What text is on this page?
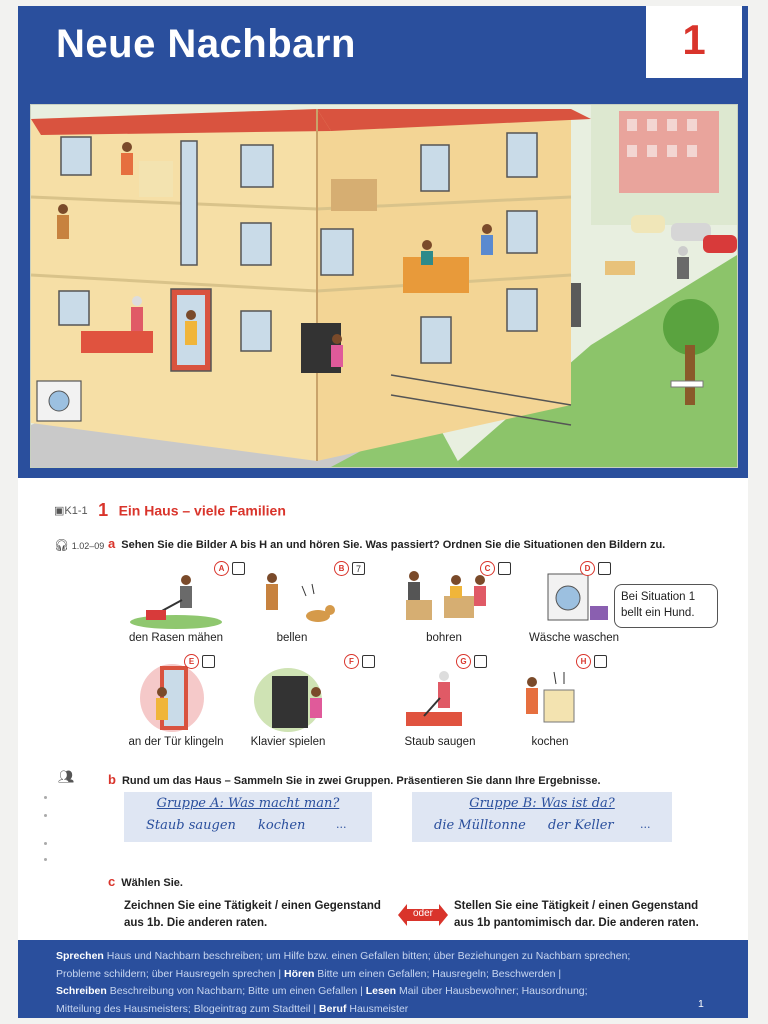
Neue Nachbarn	1
▣K1-1 1 Ein Haus – viele Familien
🎧︎ 1.02–09 a Sehen Sie die Bilder A bis H an und hören Sie. Was passiert? Ordnen Sie die Situationen den Bildern zu.
den Rasen mähen
A
bellen
B	7
bohren
C
Wäsche waschen
D
Bei Situation 1
bellt ein Hund.
an der Tür klingeln
E
Klavier spielen
F
Staub saugen
G
kochen
H
👥︎	b Rund um das Haus – Sammeln Sie in zwei Gruppen. Präsentieren Sie dann Ihre Ergebnisse.
Gruppe A: Was macht man?
Staub saugen kochen	...
Gruppe B: Was ist da?
die Mülltonne der Keller ...
c Wählen Sie.
Zeichnen Sie eine Tätigkeit / einen Gegenstand
aus 1b. Die anderen raten.
oder
Stellen Sie eine Tätigkeit / einen Gegenstand
aus 1b pantomimisch dar. Die anderen raten.
Sprechen Haus und Nachbarn beschreiben; um Hilfe bzw. einen Gefallen bitten; über Beziehungen zu Nachbarn sprechen;
Probleme schildern; über Hausregeln sprechen | Hören Bitte um einen Gefallen; Hausregeln; Beschwerden |
Schreiben Beschreibung von Nachbarn; Bitte um einen Gefallen | Lesen Mail über Hausbewohner; Hausordnung;
Mitteilung des Hausmeisters; Blogeintrag zum Stadtteil | Beruf Hausmeister	1
